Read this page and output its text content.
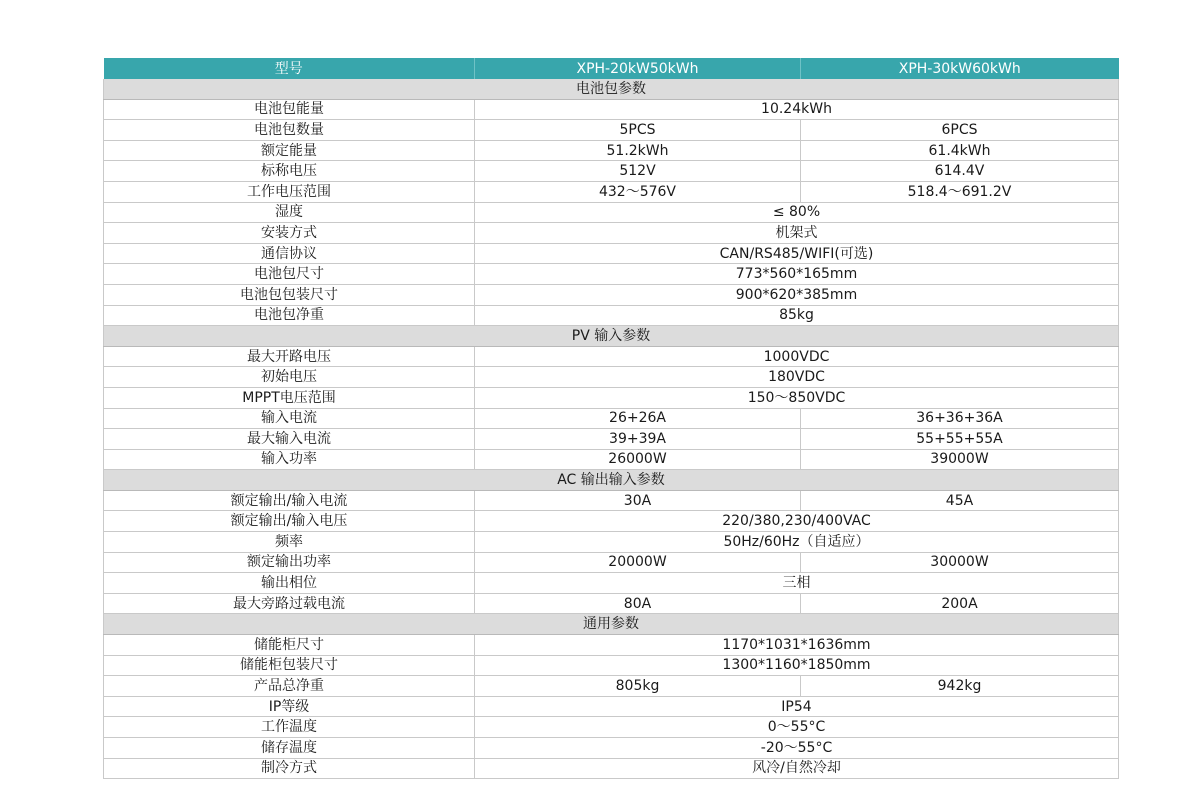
型号	XPH-20kW50kWh	XPH-30kW60kWh
电池包参数		
电池包能量	10.24kWh	
电池包数量	5PCS	6PCS
额定能量	51.2kWh	61.4kWh
标称电压	512V	614.4V
工作电压范围	432～576V	518.4～691.2V
湿度	≤ 80%	
安装方式	机架式	
通信协议	CAN/RS485/WIFI(可选)	
电池包尺寸	773*560*165mm	
电池包包装尺寸	900*620*385mm	
电池包净重	85kg	
PV 输入参数		
最大开路电压	1000VDC	
初始电压	180VDC	
MPPT电压范围	150～850VDC	
输入电流	26+26A	36+36+36A
最大输入电流	39+39A	55+55+55A
输入功率	26000W	39000W
AC 输出输入参数		
额定输出/输入电流	30A	45A
额定输出/输入电压	220/380,230/400VAC	
频率	50Hz/60Hz（自适应）	
额定输出功率	20000W	30000W
输出相位	三相	
最大旁路过载电流	80A	200A
通用参数		
储能柜尺寸	1170*1031*1636mm	
储能柜包装尺寸	1300*1160*1850mm	
产品总净重	805kg	942kg
IP等级	IP54	
工作温度	0～55°C	
储存温度	-20～55°C	
制冷方式	风冷/自然冷却	
